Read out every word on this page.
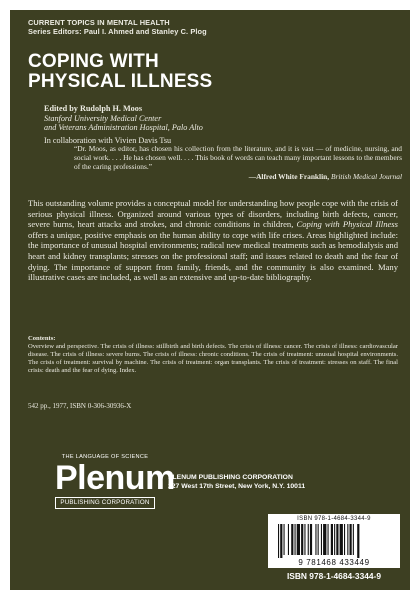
CURRENT TOPICS IN MENTAL HEALTH
Series Editors: Paul I. Ahmed and Stanley C. Plog
COPING WITH
PHYSICAL ILLNESS
Edited by Rudolph H. Moos
Stanford University Medical Center
and Veterans Administration Hospital, Palo Alto
In collaboration with Vivien Davis Tsu
“Dr. Moos, as editor, has chosen his collection from the literature, and it is vast — of medicine, nursing, and social work. . . . He has chosen well. . . . This book of words can teach many important lessons to the members of the caring professions.”
—Alfred White Franklin, British Medical Journal
This outstanding volume provides a conceptual model for understanding how people cope with the crisis of serious physical illness. Organized around various types of disorders, including birth defects, cancer, severe burns, heart attacks and strokes, and chronic conditions in children, Coping with Physical Illness offers a unique, positive emphasis on the human ability to cope with life crises. Areas highlighted include: the importance of unusual hospital environments; radical new medical treatments such as hemodialysis and heart and kidney transplants; stresses on the professional staff; and issues related to death and the fear of dying. The importance of support from family, friends, and the community is also examined. Many illustrative cases are included, as well as an extensive and up-to-date bibliography.
Contents:
Overview and perspective. The crisis of illness: stillbirth and birth defects. The crisis of illness: cancer. The crisis of illness: cardiovascular disease. The crisis of illness: severe burns. The crisis of illness: chronic conditions. The crisis of treatment: unusual hospital environments. The crisis of treatment: survival by machine. The crisis of treatment: organ transplants. The crisis of treatment: stresses on staff. The final crisis: death and the fear of dying. Index.
542 pp., 1977, ISBN 0-306-30936-X
THE LANGUAGE OF SCIENCE
Plenum
PUBLISHING CORPORATION
PLENUM PUBLISHING CORPORATION
227 West 17th Street, New York, N.Y. 10011
ISBN 978-1-4684-3344-9
9 781468 433449
ISBN 978-1-4684-3344-9
